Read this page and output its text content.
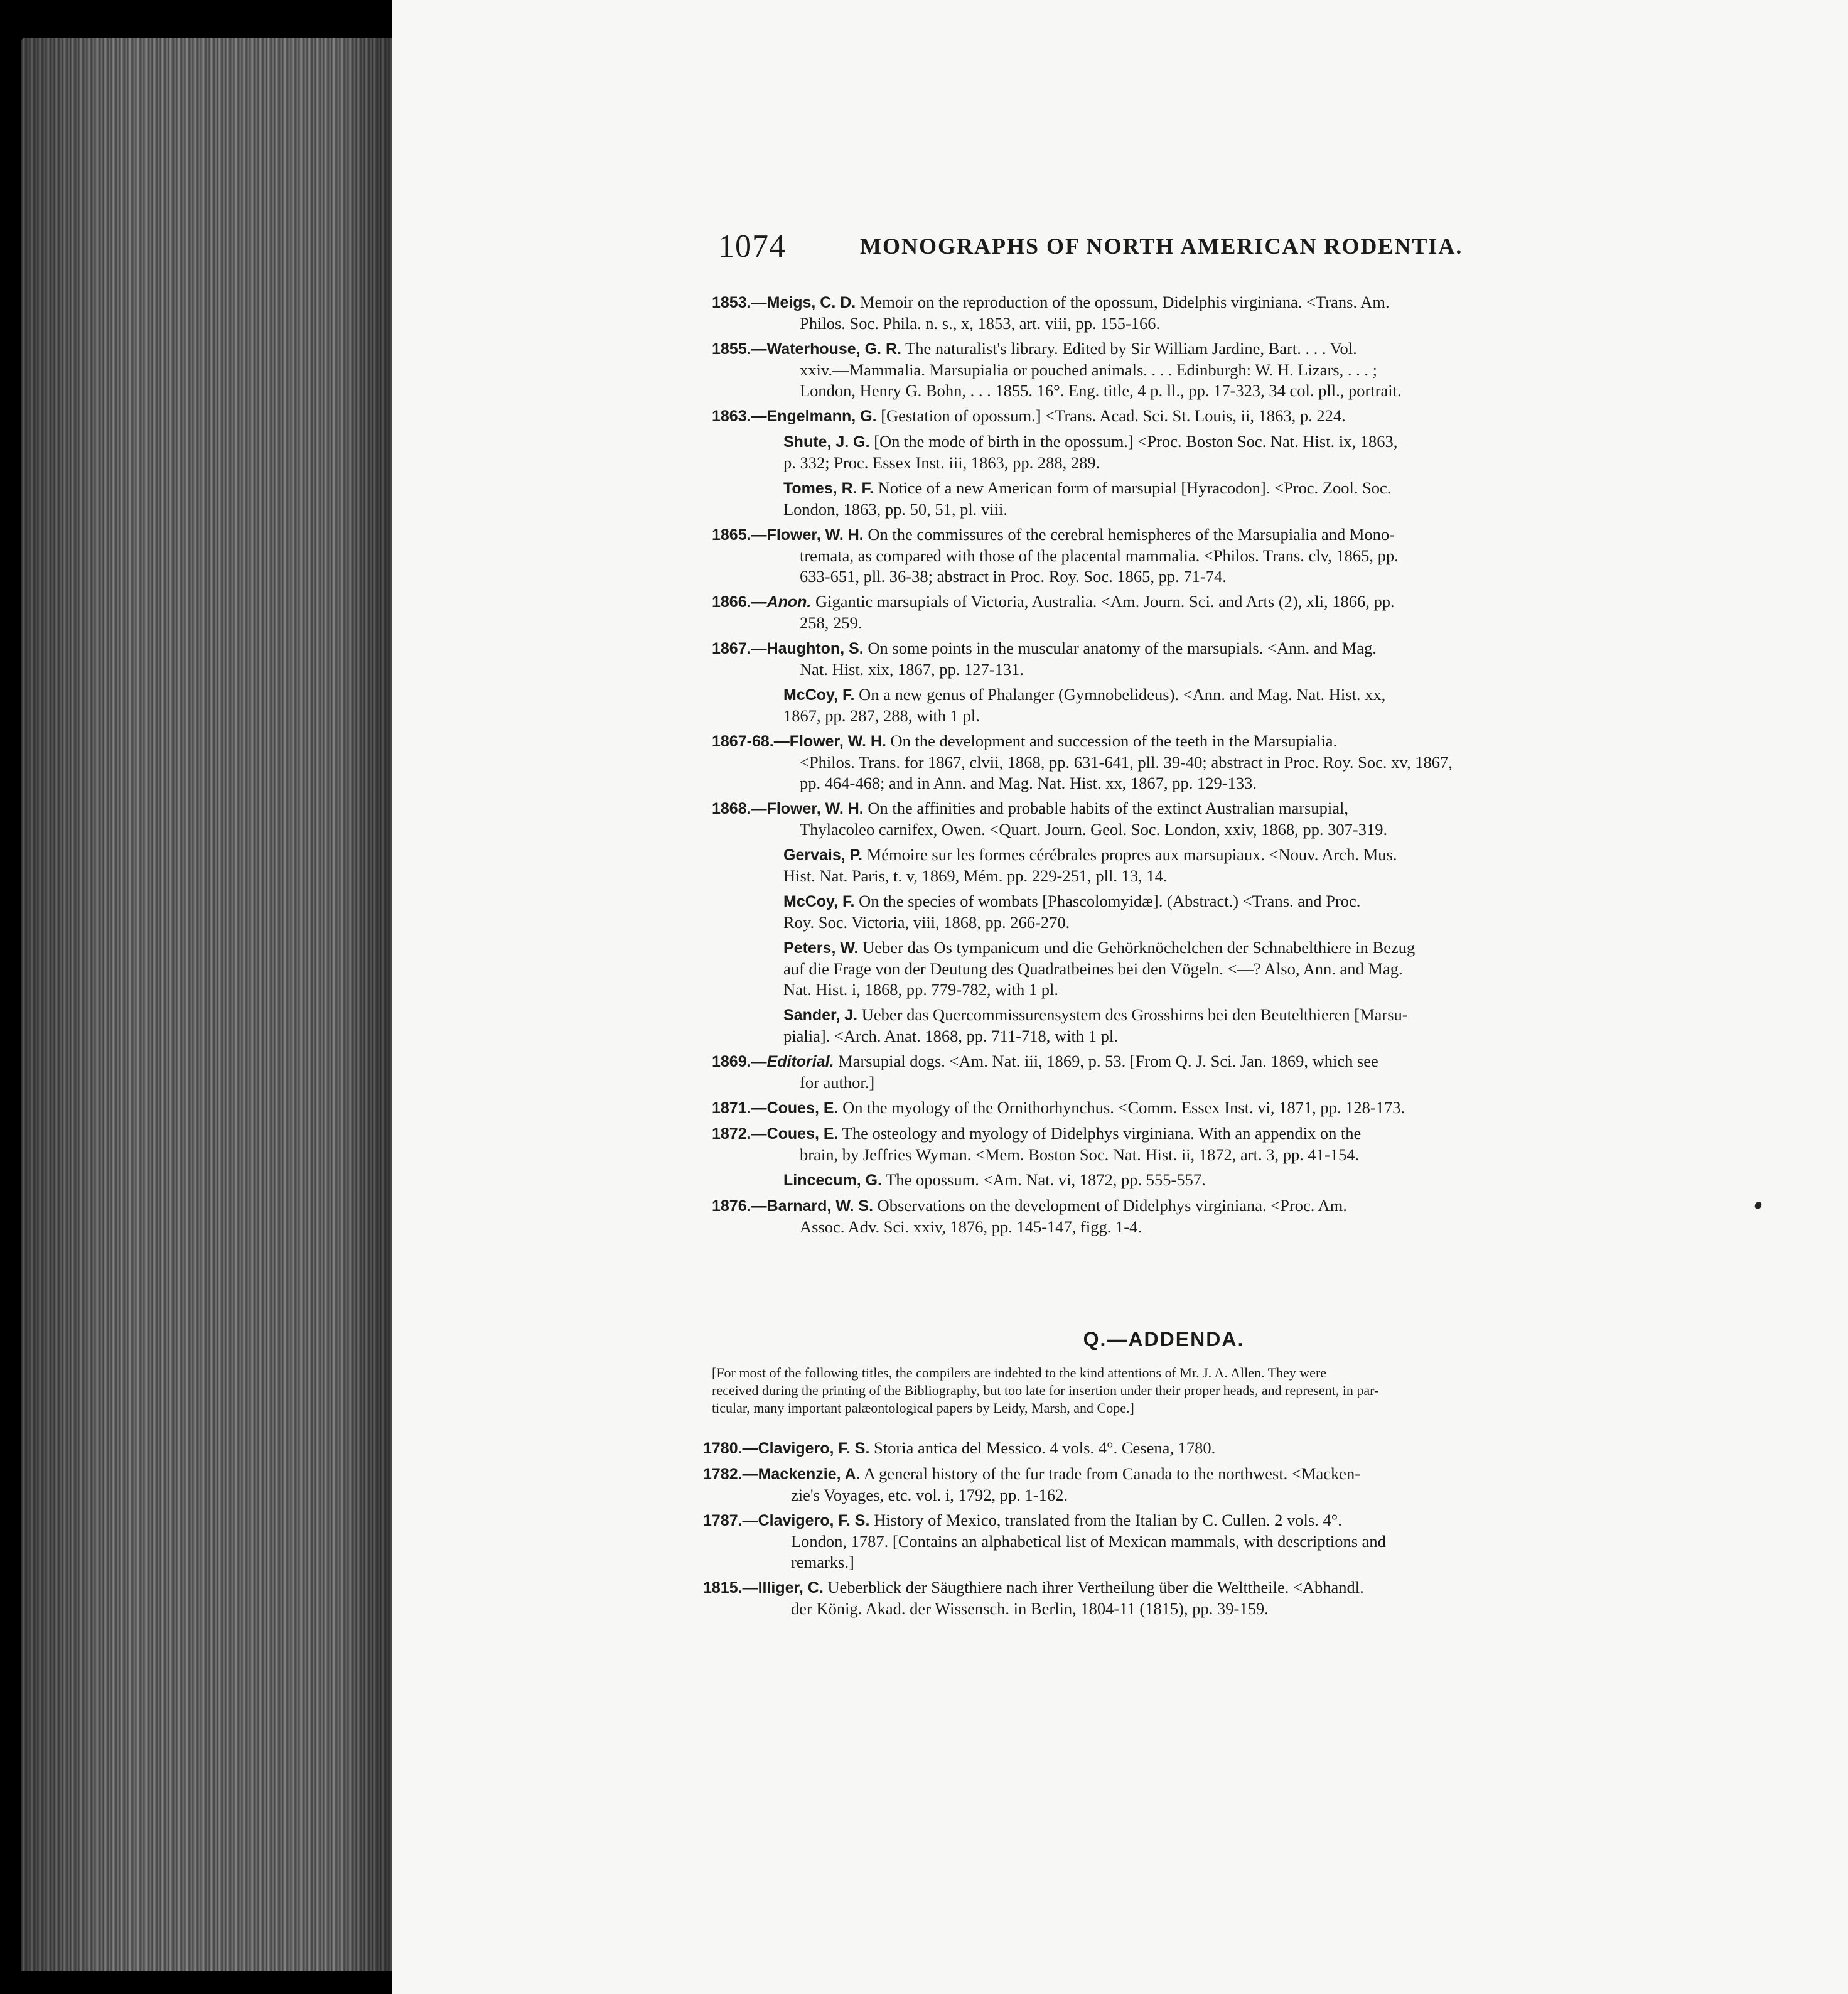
1074	MONOGRAPHS OF NORTH AMERICAN RODENTIA.
1853.—Meigs, C. D. Memoir on the reproduction of the opossum, Didelphis virginiana. <Trans. Am.
Philos. Soc. Phila. n. s., x, 1853, art. viii, pp. 155-166.
1855.—Waterhouse, G. R. The naturalist's library. Edited by Sir William Jardine, Bart. . . . Vol.
xxiv.—Mammalia. Marsupialia or pouched animals. . . . Edinburgh: W. H. Lizars, . . . ;
London, Henry G. Bohn, . . . 1855. 16°. Eng. title, 4 p. ll., pp. 17-323, 34 col. pll., portrait.
1863.—Engelmann, G. [Gestation of opossum.] <Trans. Acad. Sci. St. Louis, ii, 1863, p. 224.
Shute, J. G. [On the mode of birth in the opossum.] <Proc. Boston Soc. Nat. Hist. ix, 1863,
p. 332; Proc. Essex Inst. iii, 1863, pp. 288, 289.
Tomes, R. F. Notice of a new American form of marsupial [Hyracodon]. <Proc. Zool. Soc.
London, 1863, pp. 50, 51, pl. viii.
1865.—Flower, W. H. On the commissures of the cerebral hemispheres of the Marsupialia and Mono-
tremata, as compared with those of the placental mammalia. <Philos. Trans. clv, 1865, pp.
633-651, pll. 36-38; abstract in Proc. Roy. Soc. 1865, pp. 71-74.
1866.—Anon. Gigantic marsupials of Victoria, Australia. <Am. Journ. Sci. and Arts (2), xli, 1866, pp.
258, 259.
1867.—Haughton, S. On some points in the muscular anatomy of the marsupials. <Ann. and Mag.
Nat. Hist. xix, 1867, pp. 127-131.
McCoy, F. On a new genus of Phalanger (Gymnobelideus). <Ann. and Mag. Nat. Hist. xx,
1867, pp. 287, 288, with 1 pl.
1867-68.—Flower, W. H. On the development and succession of the teeth in the Marsupialia.
<Philos. Trans. for 1867, clvii, 1868, pp. 631-641, pll. 39-40; abstract in Proc. Roy. Soc. xv, 1867,
pp. 464-468; and in Ann. and Mag. Nat. Hist. xx, 1867, pp. 129-133.
1868.—Flower, W. H. On the affinities and probable habits of the extinct Australian marsupial,
Thylacoleo carnifex, Owen. <Quart. Journ. Geol. Soc. London, xxiv, 1868, pp. 307-319.
Gervais, P. Mémoire sur les formes cérébrales propres aux marsupiaux. <Nouv. Arch. Mus.
Hist. Nat. Paris, t. v, 1869, Mém. pp. 229-251, pll. 13, 14.
McCoy, F. On the species of wombats [Phascolomyidæ]. (Abstract.) <Trans. and Proc.
Roy. Soc. Victoria, viii, 1868, pp. 266-270.
Peters, W. Ueber das Os tympanicum und die Gehörknöchelchen der Schnabelthiere in Bezug
auf die Frage von der Deutung des Quadratbeines bei den Vögeln. <—? Also, Ann. and Mag.
Nat. Hist. i, 1868, pp. 779-782, with 1 pl.
Sander, J. Ueber das Quercommissurensystem des Grosshirns bei den Beutelthieren [Marsu-
pialia]. <Arch. Anat. 1868, pp. 711-718, with 1 pl.
1869.—Editorial. Marsupial dogs. <Am. Nat. iii, 1869, p. 53. [From Q. J. Sci. Jan. 1869, which see
for author.]
1871.—Coues, E. On the myology of the Ornithorhynchus. <Comm. Essex Inst. vi, 1871, pp. 128-173.
1872.—Coues, E. The osteology and myology of Didelphys virginiana. With an appendix on the
brain, by Jeffries Wyman. <Mem. Boston Soc. Nat. Hist. ii, 1872, art. 3, pp. 41-154.
Lincecum, G. The opossum. <Am. Nat. vi, 1872, pp. 555-557.
1876.—Barnard, W. S. Observations on the development of Didelphys virginiana. <Proc. Am.
Assoc. Adv. Sci. xxiv, 1876, pp. 145-147, figg. 1-4.
Q.—ADDENDA.
[For most of the following titles, the compilers are indebted to the kind attentions of Mr. J. A. Allen. They were
received during the printing of the Bibliography, but too late for insertion under their proper heads, and represent, in par-
ticular, many important palæontological papers by Leidy, Marsh, and Cope.]
1780.—Clavigero, F. S. Storia antica del Messico. 4 vols. 4°. Cesena, 1780.
1782.—Mackenzie, A. A general history of the fur trade from Canada to the northwest. <Macken-
zie's Voyages, etc. vol. i, 1792, pp. 1-162.
1787.—Clavigero, F. S. History of Mexico, translated from the Italian by C. Cullen. 2 vols. 4°.
London, 1787. [Contains an alphabetical list of Mexican mammals, with descriptions and
remarks.]
1815.—Illiger, C. Ueberblick der Säugthiere nach ihrer Vertheilung über die Welttheile. <Abhandl.
der König. Akad. der Wissensch. in Berlin, 1804-11 (1815), pp. 39-159.
